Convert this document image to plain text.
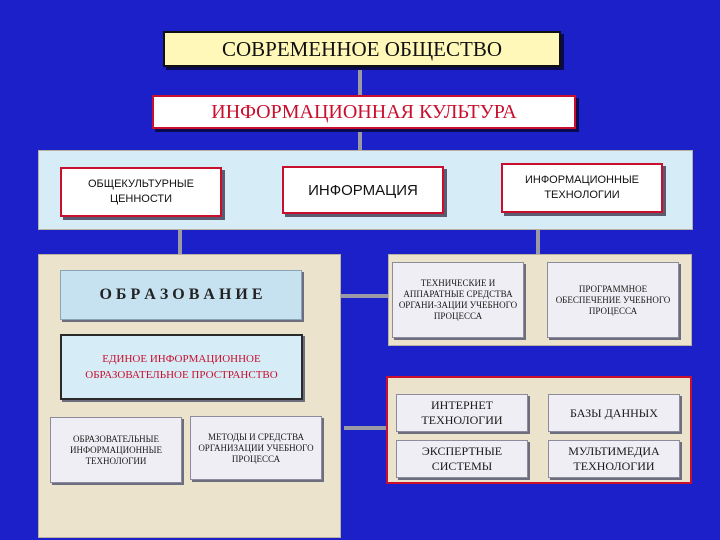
СОВРЕМЕННОЕ ОБЩЕСТВО
ИНФОРМАЦИОННАЯ КУЛЬТУРА
ОБЩЕКУЛЬТУРНЫЕ ЦЕННОСТИ
ИНФОРМАЦИЯ
ИНФОРМАЦИОННЫЕ ТЕХНОЛОГИИ
О Б Р А З О В А Н И Е
ЕДИНОЕ ИНФОРМАЦИОННОЕ ОБРАЗОВАТЕЛЬНОЕ ПРОСТРАНСТВО
ОБРАЗОВАТЕЛЬНЫЕ ИНФОРМАЦИОННЫЕ ТЕХНОЛОГИИ
МЕТОДЫ И СРЕДСТВА ОРГАНИЗАЦИИ УЧЕБНОГО ПРОЦЕССА
ТЕХНИЧЕСКИЕ И АППАРАТНЫЕ СРЕДСТВА ОРГАНИ-ЗАЦИИ УЧЕБНОГО ПРОЦЕССА
ПРОГРАММНОЕ ОБЕСПЕЧЕНИЕ УЧЕБНОГО ПРОЦЕССА
ИНТЕРНЕТ ТЕХНОЛОГИИ
БАЗЫ ДАННЫХ
ЭКСПЕРТНЫЕ СИСТЕМЫ
МУЛЬТИМЕДИА ТЕХНОЛОГИИ
